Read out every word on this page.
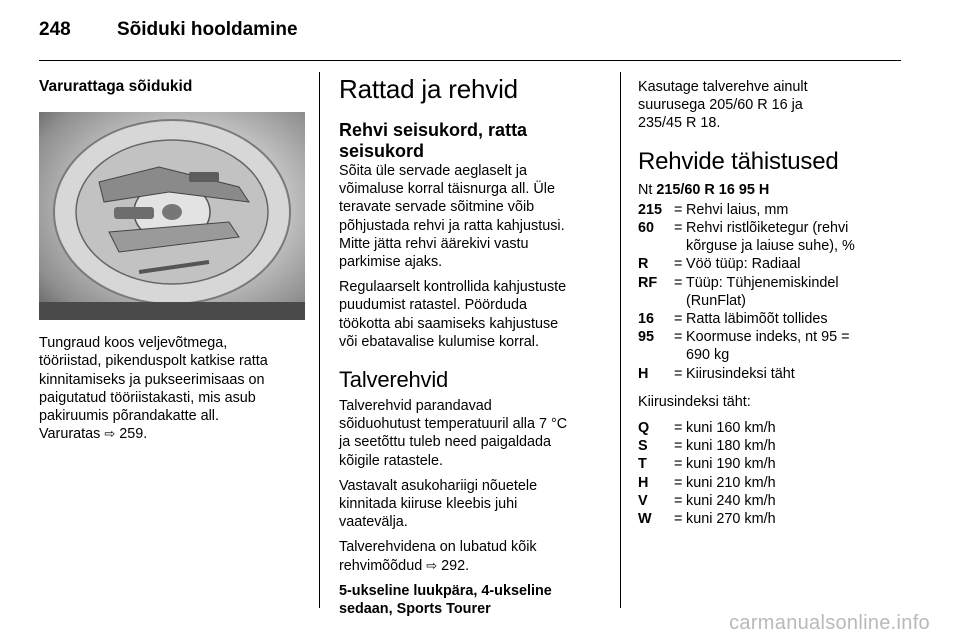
248 Sõiduki hooldamine
Varurattaga sõidukid
Tungraud koos veljevõtmega,
tööriistad, pikenduspolt katkise ratta
kinnitamiseks ja pukseerimisaas on
paigutatud tööriistakasti, mis asub
pakiruumis põrandakatte all.
Varuratas ⇨ 259.
Rattad ja rehvid
Rehvi seisukord, ratta seisukord

Sõita üle servade aeglaselt ja
võimaluse korral täisnurga all. Üle
teravate servade sõitmine võib
põhjustada rehvi ja ratta kahjustusi.
Mitte jätta rehvi äärekivi vastu
parkimise ajaks.

Regulaarselt kontrollida kahjustuste
puudumist ratastel. Pöörduda
töökotta abi saamiseks kahjustuse
või ebatavalise kulumise korral.

Talverehvid

Talverehvid parandavad
sõiduohutust temperatuuril alla 7 °C
ja seetõttu tuleb need paigaldada
kõigile ratastele.

Vastavalt asukohariigi nõuetele
kinnitada kiiruse kleebis juhi
vaatevälja.

Talverehvidena on lubatud kõik
rehvimõõdud ⇨ 292.

5-ukseline luukpära, 4-ukseline
sedaan, Sports Tourer

Kasutage talverehve ainult
suurusega 205/60 R 16 ja
235/45 R 18.

Rehvide tähistused
Nt 215/60 R 16 95 H
215 = Rehvi laius, mm
60	= Rehvi ristlõiketegur (rehvi
kõrguse ja laiuse suhe), %
R	= Vöö tüüp: Radiaal
RF	= Tüüp: Tühjenemiskindel
(RunFlat)
16	= Ratta läbimõõt tollides
95	= Koormuse indeks, nt 95 =
690 kg
H	= Kiirusindeksi täht

Kiirusindeksi täht:

Q	= kuni 160 km/h
S	= kuni 180 km/h
T	= kuni 190 km/h
H	= kuni 210 km/h
V	= kuni 240 km/h
W	= kuni 270 km/h
carmanualsonline.info
